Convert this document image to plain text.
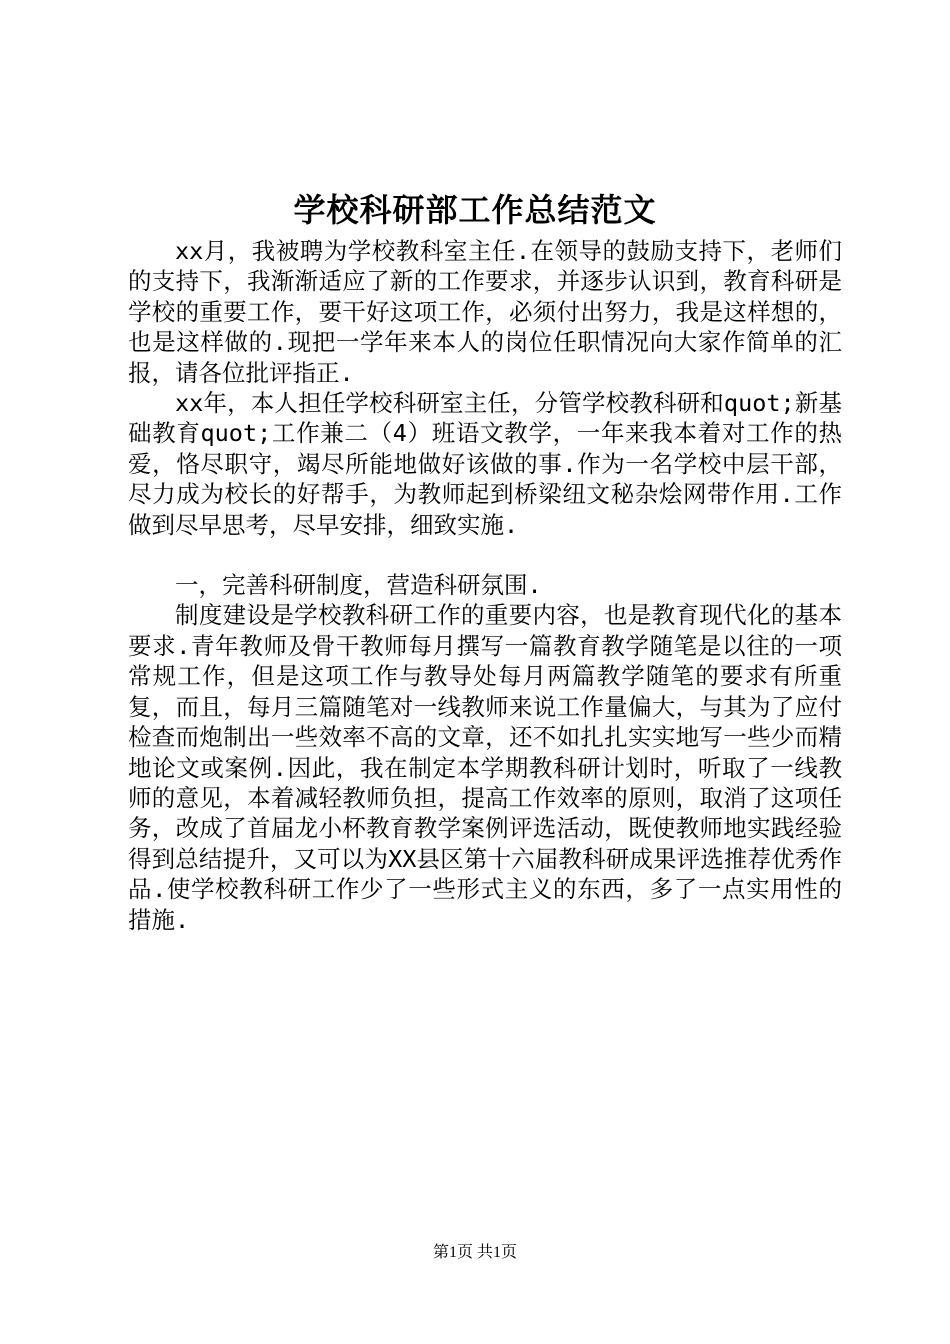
学校科研部工作总结范文

xx月，我被聘为学校教科室主任.在领导的鼓励支持下，老师们的支持下，我渐渐适应了新的工作要求，并逐步认识到，教育科研是学校的重要工作，要干好这项工作，必须付出努力，我是这样想的，也是这样做的.现把一学年来本人的岗位任职情况向大家作简单的汇报，请各位批评指正.

xx年，本人担任学校科研室主任，分管学校教科研和quot;新基础教育quot;工作兼二（4）班语文教学，一年来我本着对工作的热爱，恪尽职守，竭尽所能地做好该做的事.作为一名学校中层干部，尽力成为校长的好帮手，为教师起到桥梁纽文秘杂烩网带作用.工作做到尽早思考，尽早安排，细致实施.

一，完善科研制度，营造科研氛围.

制度建设是学校教科研工作的重要内容，也是教育现代化的基本要求.青年教师及骨干教师每月撰写一篇教育教学随笔是以往的一项常规工作，但是这项工作与教导处每月两篇教学随笔的要求有所重复，而且，每月三篇随笔对一线教师来说工作量偏大，与其为了应付检查而炮制出一些效率不高的文章，还不如扎扎实实地写一些少而精地论文或案例.因此，我在制定本学期教科研计划时，听取了一线教师的意见，本着减轻教师负担，提高工作效率的原则，取消了这项任务，改成了首届龙小杯教育教学案例评选活动，既使教师地实践经验得到总结提升，又可以为XX县区第十六届教科研成果评选推荐优秀作品.使学校教科研工作少了一些形式主义的东西，多了一点实用性的措施.

第1页 共1页
